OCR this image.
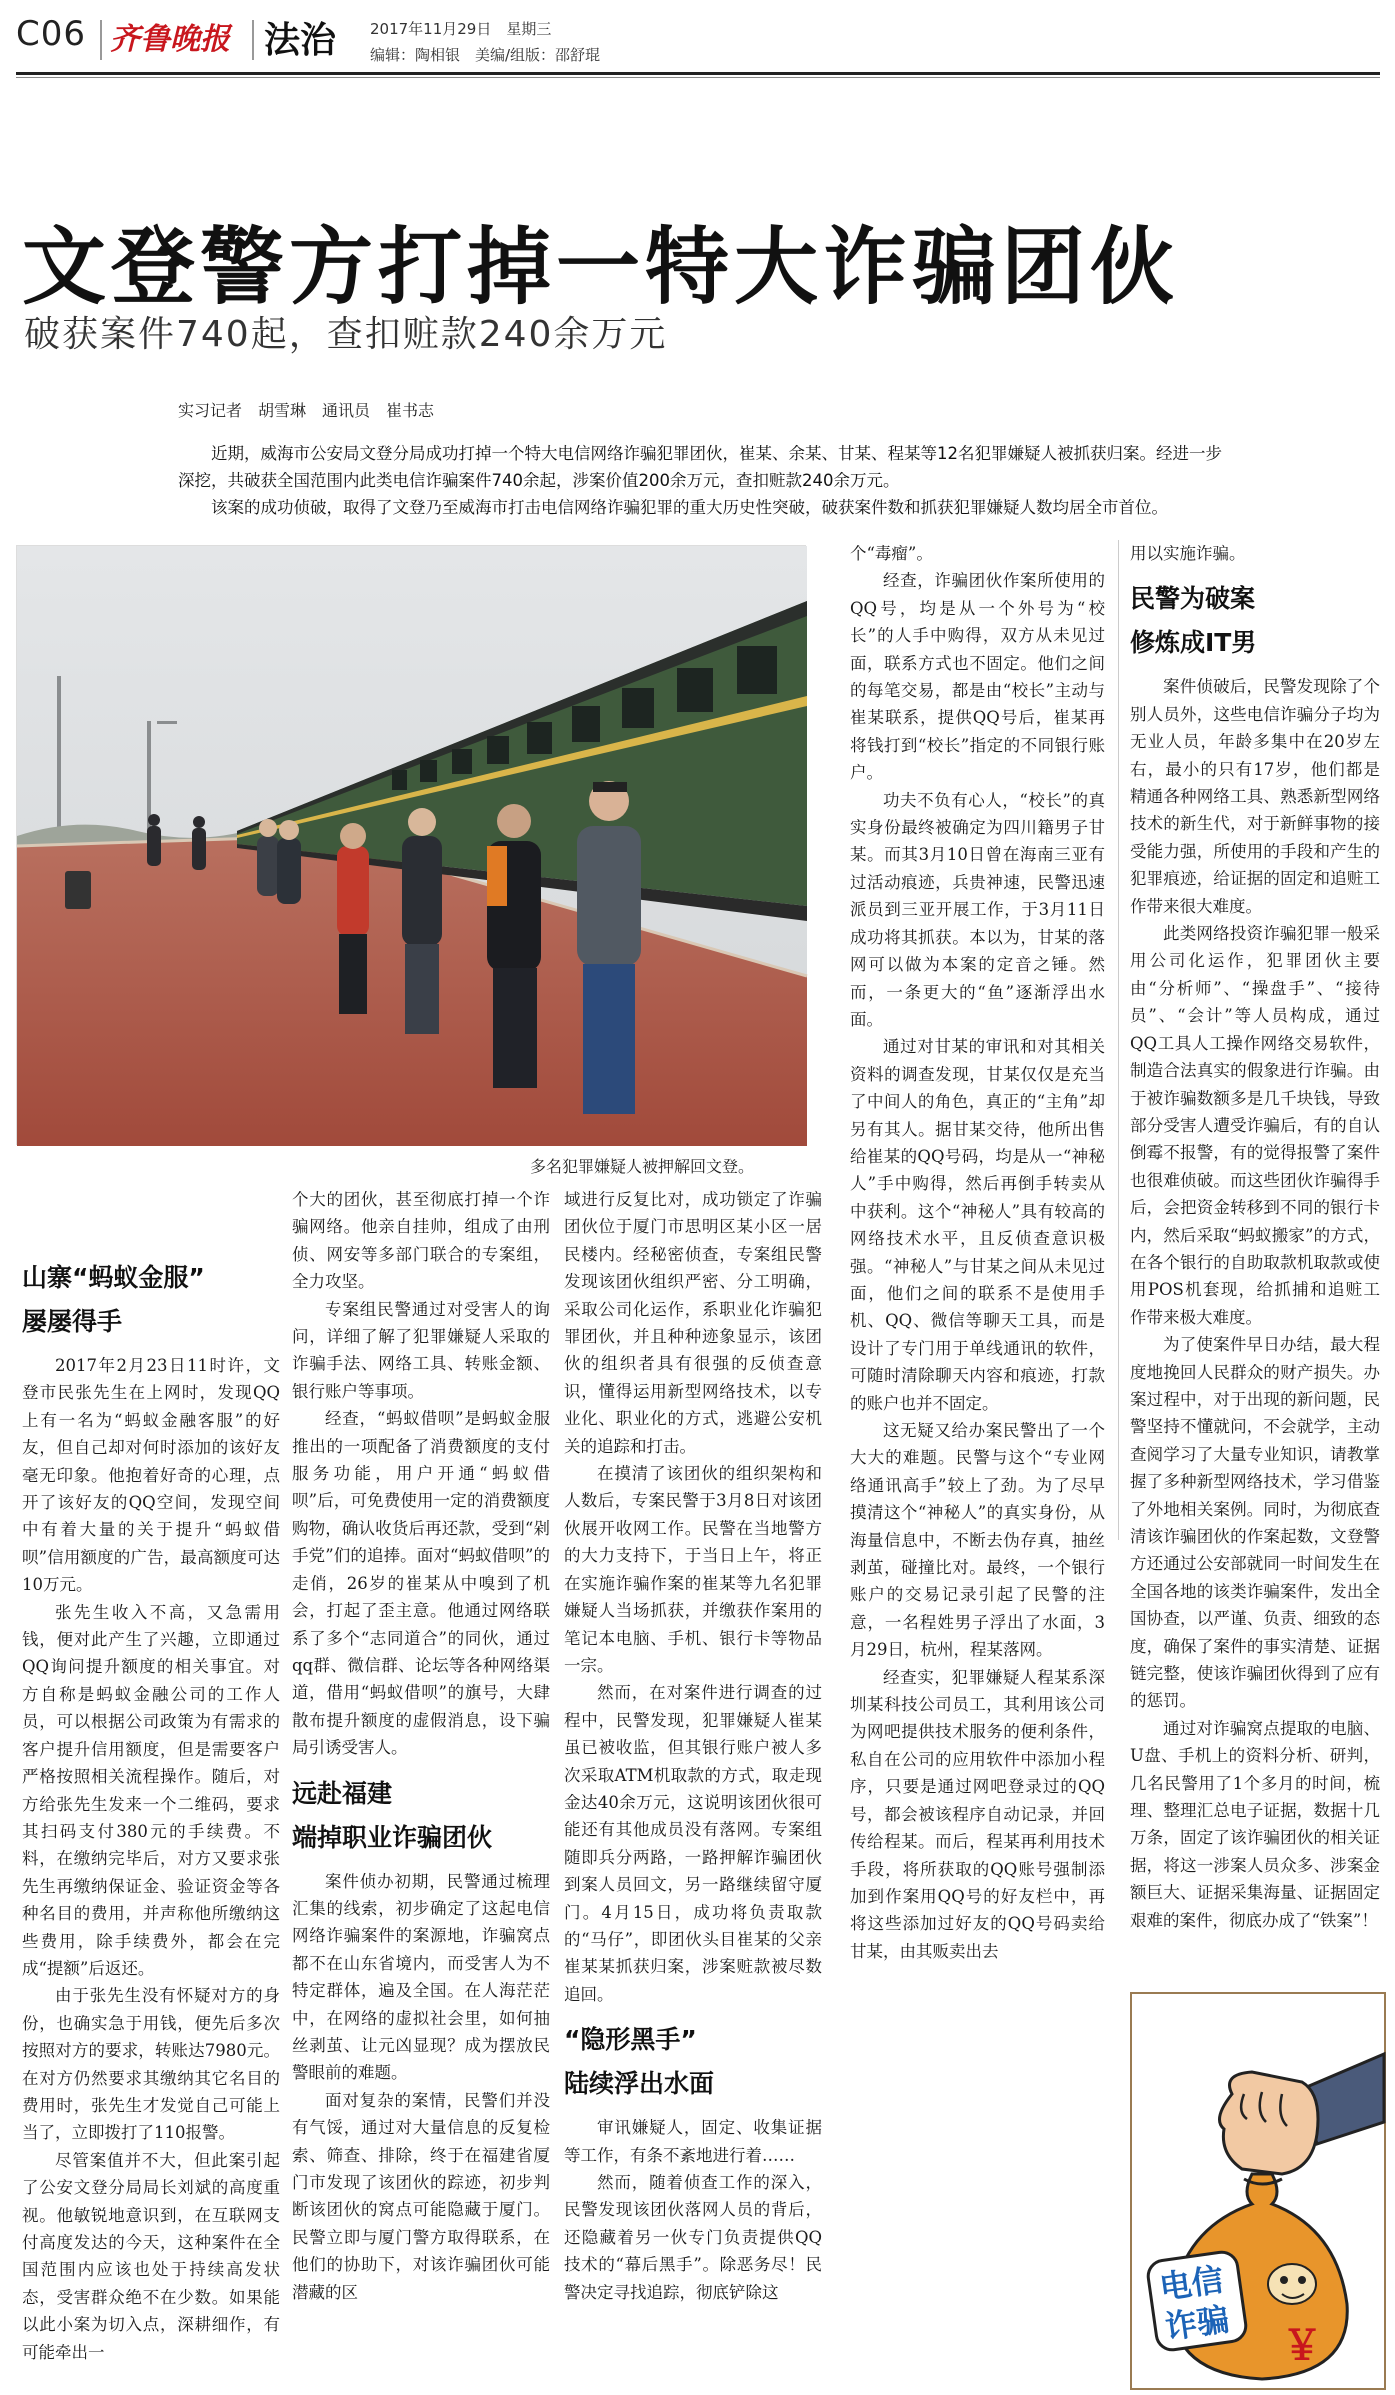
C06 齐鲁晚报 法治 2017年11月29日　星期三
编辑：陶相银　美编/组版：邵舒琨
文登警方打掉一特大诈骗团伙
破获案件740起，查扣赃款240余万元
实习记者　胡雪琳　通讯员　崔书志

近期，威海市公安局文登分局成功打掉一个特大电信网络诈骗犯罪团伙，崔某、余某、甘某、程某等12名犯罪嫌疑人被抓获归案。经进一步深挖，共破获全国范围内此类电信诈骗案件740余起，涉案价值200余万元，查扣赃款240余万元。

该案的成功侦破，取得了文登乃至威海市打击电信网络诈骗犯罪的重大历史性突破，破获案件数和抓获犯罪嫌疑人数均居全市首位。

多名犯罪嫌疑人被押解回文登。
山寨“蚂蚁金服”
屡屡得手

2017年2月23日11时许，文登市民张先生在上网时，发现QQ上有一名为“蚂蚁金融客服”的好友，但自己却对何时添加的该好友毫无印象。他抱着好奇的心理，点开了该好友的QQ空间，发现空间中有着大量的关于提升“蚂蚁借呗”信用额度的广告，最高额度可达10万元。

张先生收入不高，又急需用钱，便对此产生了兴趣，立即通过QQ询问提升额度的相关事宜。对方自称是蚂蚁金融公司的工作人员，可以根据公司政策为有需求的客户提升信用额度，但是需要客户严格按照相关流程操作。随后，对方给张先生发来一个二维码，要求其扫码支付380元的手续费。不料，在缴纳完毕后，对方又要求张先生再缴纳保证金、验证资金等各种名目的费用，并声称他所缴纳这些费用，除手续费外，都会在完成“提额”后返还。

由于张先生没有怀疑对方的身份，也确实急于用钱，便先后多次按照对方的要求，转账达7980元。在对方仍然要求其缴纳其它名目的费用时，张先生才发觉自己可能上当了，立即拨打了110报警。

尽管案值并不大，但此案引起了公安文登分局局长刘斌的高度重视。他敏锐地意识到，在互联网支付高度发达的今天，这种案件在全国范围内应该也处于持续高发状态，受害群众绝不在少数。如果能以此小案为切入点，深耕细作，有可能牵出一

个大的团伙，甚至彻底打掉一个诈骗网络。他亲自挂帅，组成了由刑侦、网安等多部门联合的专案组，全力攻坚。

专案组民警通过对受害人的询问，详细了解了犯罪嫌疑人采取的诈骗手法、网络工具、转账金额、银行账户等事项。

经查，“蚂蚁借呗”是蚂蚁金服推出的一项配备了消费额度的支付服务功能，用户开通“蚂蚁借呗”后，可免费使用一定的消费额度购物，确认收货后再还款，受到“剁手党”们的追捧。面对“蚂蚁借呗”的走俏，26岁的崔某从中嗅到了机会，打起了歪主意。他通过网络联系了多个“志同道合”的同伙，通过qq群、微信群、论坛等各种网络渠道，借用“蚂蚁借呗”的旗号，大肆散布提升额度的虚假消息，设下骗局引诱受害人。

远赴福建
端掉职业诈骗团伙

案件侦办初期，民警通过梳理汇集的线索，初步确定了这起电信网络诈骗案件的案源地，诈骗窝点都不在山东省境内，而受害人为不特定群体，遍及全国。在人海茫茫中，在网络的虚拟社会里，如何抽丝剥茧、让元凶显现？成为摆放民警眼前的难题。

面对复杂的案情，民警们并没有气馁，通过对大量信息的反复检索、筛查、排除，终于在福建省厦门市发现了该团伙的踪迹，初步判断该团伙的窝点可能隐藏于厦门。民警立即与厦门警方取得联系，在他们的协助下，对该诈骗团伙可能潜藏的区

域进行反复比对，成功锁定了诈骗团伙位于厦门市思明区某小区一居民楼内。经秘密侦查，专案组民警发现该团伙组织严密、分工明确，采取公司化运作，系职业化诈骗犯罪团伙，并且种种迹象显示，该团伙的组织者具有很强的反侦查意识，懂得运用新型网络技术，以专业化、职业化的方式，逃避公安机关的追踪和打击。

在摸清了该团伙的组织架构和人数后，专案民警于3月8日对该团伙展开收网工作。民警在当地警方的大力支持下，于当日上午，将正在实施诈骗作案的崔某等九名犯罪嫌疑人当场抓获，并缴获作案用的笔记本电脑、手机、银行卡等物品一宗。

然而，在对案件进行调查的过程中，民警发现，犯罪嫌疑人崔某虽已被收监，但其银行账户被人多次采取ATM机取款的方式，取走现金达40余万元，这说明该团伙很可能还有其他成员没有落网。专案组随即兵分两路，一路押解诈骗团伙到案人员回文，另一路继续留守厦门。4月15日，成功将负责取款的“马仔”，即团伙头目崔某的父亲崔某某抓获归案，涉案赃款被尽数追回。

“隐形黑手”
陆续浮出水面

审讯嫌疑人，固定、收集证据等工作，有条不紊地进行着……

然而，随着侦查工作的深入，民警发现该团伙落网人员的背后，还隐藏着另一伙专门负责提供QQ技术的“幕后黑手”。除恶务尽！民警决定寻找追踪，彻底铲除这

个“毒瘤”。

经查，诈骗团伙作案所使用的QQ号，均是从一个外号为“校长”的人手中购得，双方从未见过面，联系方式也不固定。他们之间的每笔交易，都是由“校长”主动与崔某联系，提供QQ号后，崔某再将钱打到“校长”指定的不同银行账户。

功夫不负有心人，“校长”的真实身份最终被确定为四川籍男子甘某。而其3月10日曾在海南三亚有过活动痕迹，兵贵神速，民警迅速派员到三亚开展工作，于3月11日成功将其抓获。本以为，甘某的落网可以做为本案的定音之锤。然而，一条更大的“鱼”逐渐浮出水面。

通过对甘某的审讯和对其相关资料的调查发现，甘某仅仅是充当了中间人的角色，真正的“主角”却另有其人。据甘某交待，他所出售给崔某的QQ号码，均是从一“神秘人”手中购得，然后再倒手转卖从中获利。这个“神秘人”具有较高的网络技术水平，且反侦查意识极强。“神秘人”与甘某之间从未见过面，他们之间的联系不是使用手机、QQ、微信等聊天工具，而是设计了专门用于单线通讯的软件，可随时清除聊天内容和痕迹，打款的账户也并不固定。

这无疑又给办案民警出了一个大大的难题。民警与这个“专业网络通讯高手”较上了劲。为了尽早摸清这个“神秘人”的真实身份，从海量信息中，不断去伪存真，抽丝剥茧，碰撞比对。最终，一个银行账户的交易记录引起了民警的注意，一名程姓男子浮出了水面，3月29日，杭州，程某落网。

经查实，犯罪嫌疑人程某系深圳某科技公司员工，其利用该公司为网吧提供技术服务的便利条件，私自在公司的应用软件中添加小程序，只要是通过网吧登录过的QQ号，都会被该程序自动记录，并回传给程某。而后，程某再利用技术手段，将所获取的QQ账号强制添加到作案用QQ号的好友栏中，再将这些添加过好友的QQ号码卖给甘某，由其贩卖出去

用以实施诈骗。

民警为破案
修炼成IT男

案件侦破后，民警发现除了个别人员外，这些电信诈骗分子均为无业人员，年龄多集中在20岁左右，最小的只有17岁，他们都是精通各种网络工具、熟悉新型网络技术的新生代，对于新鲜事物的接受能力强，所使用的手段和产生的犯罪痕迹，给证据的固定和追赃工作带来很大难度。

此类网络投资诈骗犯罪一般采用公司化运作，犯罪团伙主要由“分析师”、“操盘手”、“接待员”、“会计”等人员构成，通过QQ工具人工操作网络交易软件，制造合法真实的假象进行诈骗。由于被诈骗数额多是几千块钱，导致部分受害人遭受诈骗后，有的自认倒霉不报警，有的觉得报警了案件也很难侦破。而这些团伙诈骗得手后，会把资金转移到不同的银行卡内，然后采取“蚂蚁搬家”的方式，在各个银行的自助取款机取款或使用POS机套现，给抓捕和追赃工作带来极大难度。

为了使案件早日办结，最大程度地挽回人民群众的财产损失。办案过程中，对于出现的新问题，民警坚持不懂就问，不会就学，主动查阅学习了大量专业知识，请教掌握了多种新型网络技术，学习借鉴了外地相关案例。同时，为彻底查清该诈骗团伙的作案起数，文登警方还通过公安部就同一时间发生在全国各地的该类诈骗案件，发出全国协查，以严谨、负责、细致的态度，确保了案件的事实清楚、证据链完整，使该诈骗团伙得到了应有的惩罚。

通过对诈骗窝点提取的电脑、U盘、手机上的资料分析、研判，几名民警用了1个多月的时间，梳理、整理汇总电子证据，数据十几万条，固定了该诈骗团伙的相关证据，将这一涉案人员众多、涉案金额巨大、证据采集海量、证据固定艰难的案件，彻底办成了“铁案”！

￥
电信
诈骗
